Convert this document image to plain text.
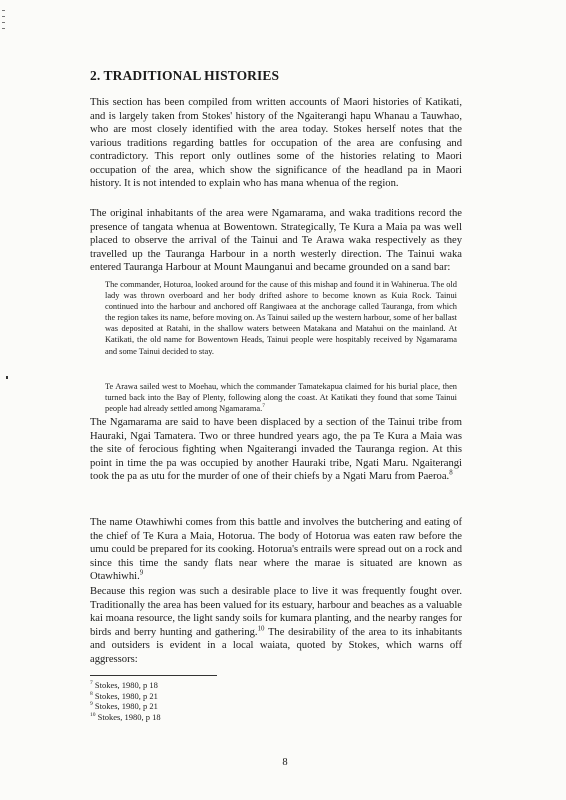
2. TRADITIONAL HISTORIES

This section has been compiled from written accounts of Maori histories of Katikati, and is largely taken from Stokes' history of the Ngaiterangi hapu Whanau a Tauwhao, who are most closely identified with the area today. Stokes herself notes that the various traditions regarding battles for occupation of the area are confusing and contradictory. This report only outlines some of the histories relating to Maori occupation of the area, which show the significance of the headland pa in Maori history. It is not intended to explain who has mana whenua of the region.

The original inhabitants of the area were Ngamarama, and waka traditions record the presence of tangata whenua at Bowentown. Strategically, Te Kura a Maia pa was well placed to observe the arrival of the Tainui and Te Arawa waka respectively as they travelled up the Tauranga Harbour in a north westerly direction. The Tainui waka entered Tauranga Harbour at Mount Maunganui and became grounded on a sand bar:

The commander, Hoturoa, looked around for the cause of this mishap and found it in Wahinerua. The old lady was thrown overboard and her body drifted ashore to become known as Kuia Rock. Tainui continued into the harbour and anchored off Rangiwaea at the anchorage called Tauranga, from which the region takes its name, before moving on. As Tainui sailed up the western harbour, some of her ballast was deposited at Ratahi, in the shallow waters between Matakana and Matahui on the mainland. At Katikati, the old name for Bowentown Heads, Tainui people were hospitably received by Ngamarama and some Tainui decided to stay.

Te Arawa sailed west to Moehau, which the commander Tamatekapua claimed for his burial place, then turned back into the Bay of Plenty, following along the coast. At Katikati they found that some Tainui people had already settled among Ngamarama.$^7$

The Ngamarama are said to have been displaced by a section of the Tainui tribe from Hauraki, Ngai Tamatera. Two or three hundred years ago, the pa Te Kura a Maia was the site of ferocious fighting when Ngaiterangi invaded the Tauranga region. At this point in time the pa was occupied by another Hauraki tribe, Ngati Maru. Ngaiterangi took the pa as utu for the murder of one of their chiefs by a Ngati Maru from Paeroa.$^8$

The name Otawhiwhi comes from this battle and involves the butchering and eating of the chief of Te Kura a Maia, Hotorua. The body of Hotorua was eaten raw before the umu could be prepared for its cooking. Hotorua's entrails were spread out on a rock and since this time the sandy flats near where the marae is situated are known as Otawhiwhi.$^9$

Because this region was such a desirable place to live it was frequently fought over. Traditionally the area has been valued for its estuary, harbour and beaches as a valuable kai moana resource, the light sandy soils for kumara planting, and the nearby ranges for birds and berry hunting and gathering.$^{10}$ The desirability of the area to its inhabitants and outsiders is evident in a local waiata, quoted by Stokes, which warns off aggressors:

$^7$ Stokes, 1980, p 18
$^8$ Stokes, 1980, p 21
$^9$ Stokes, 1980, p 21
$^{10}$ Stokes, 1980, p 18
8
